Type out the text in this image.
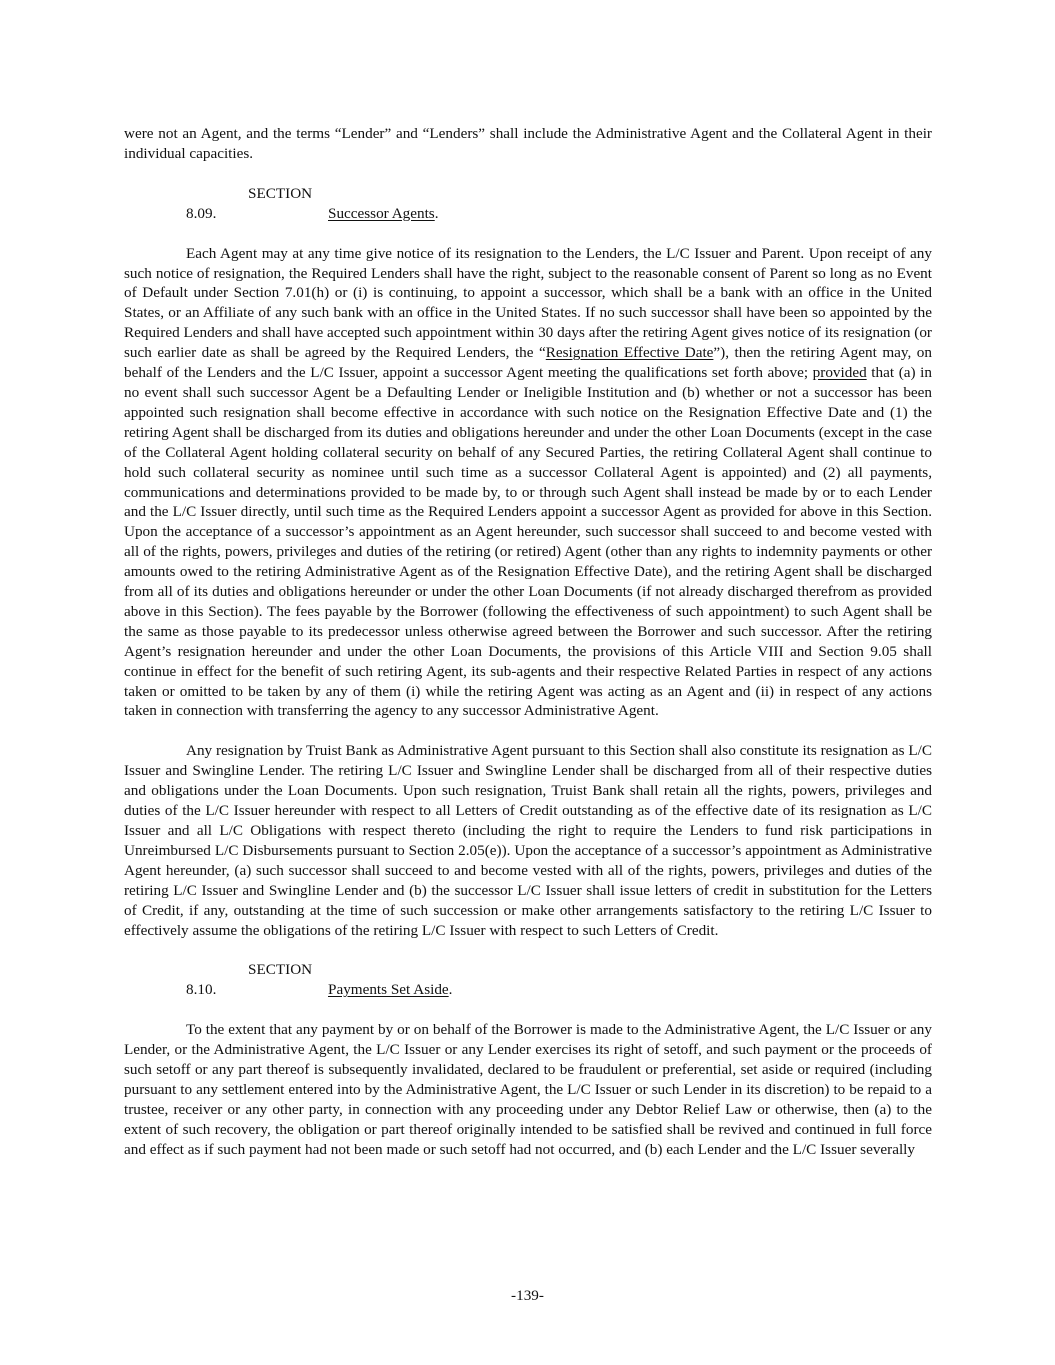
were not an Agent, and the terms “Lender” and “Lenders” shall include the Administrative Agent and the Collateral Agent in their individual capacities.

SECTION 8.09.	Successor Agents.

Each Agent may at any time give notice of its resignation to the Lenders, the L/C Issuer and Parent. Upon receipt of any such notice of resignation, the Required Lenders shall have the right, subject to the reasonable consent of Parent so long as no Event of Default under Section 7.01(h) or (i) is continuing, to appoint a successor, which shall be a bank with an office in the United States, or an Affiliate of any such bank with an office in the United States. If no such successor shall have been so appointed by the Required Lenders and shall have accepted such appointment within 30 days after the retiring Agent gives notice of its resignation (or such earlier date as shall be agreed by the Required Lenders, the “Resignation Effective Date”), then the retiring Agent may, on behalf of the Lenders and the L/C Issuer, appoint a successor Agent meeting the qualifications set forth above; provided that (a) in no event shall such successor Agent be a Defaulting Lender or Ineligible Institution and (b) whether or not a successor has been appointed such resignation shall become effective in accordance with such notice on the Resignation Effective Date and (1) the retiring Agent shall be discharged from its duties and obligations hereunder and under the other Loan Documents (except in the case of the Collateral Agent holding collateral security on behalf of any Secured Parties, the retiring Collateral Agent shall continue to hold such collateral security as nominee until such time as a successor Collateral Agent is appointed) and (2) all payments, communications and determinations provided to be made by, to or through such Agent shall instead be made by or to each Lender and the L/C Issuer directly, until such time as the Required Lenders appoint a successor Agent as provided for above in this Section. Upon the acceptance of a successor’s appointment as an Agent hereunder, such successor shall succeed to and become vested with all of the rights, powers, privileges and duties of the retiring (or retired) Agent (other than any rights to indemnity payments or other amounts owed to the retiring Administrative Agent as of the Resignation Effective Date), and the retiring Agent shall be discharged from all of its duties and obligations hereunder or under the other Loan Documents (if not already discharged therefrom as provided above in this Section). The fees payable by the Borrower (following the effectiveness of such appointment) to such Agent shall be the same as those payable to its predecessor unless otherwise agreed between the Borrower and such successor. After the retiring Agent’s resignation hereunder and under the other Loan Documents, the provisions of this Article VIII and Section 9.05 shall continue in effect for the benefit of such retiring Agent, its sub-agents and their respective Related Parties in respect of any actions taken or omitted to be taken by any of them (i) while the retiring Agent was acting as an Agent and (ii) in respect of any actions taken in connection with transferring the agency to any successor Administrative Agent.

Any resignation by Truist Bank as Administrative Agent pursuant to this Section shall also constitute its resignation as L/C Issuer and Swingline Lender. The retiring L/C Issuer and Swingline Lender shall be discharged from all of their respective duties and obligations under the Loan Documents. Upon such resignation, Truist Bank shall retain all the rights, powers, privileges and duties of the L/C Issuer hereunder with respect to all Letters of Credit outstanding as of the effective date of its resignation as L/C Issuer and all L/C Obligations with respect thereto (including the right to require the Lenders to fund risk participations in Unreimbursed L/C Disbursements pursuant to Section 2.05(e)). Upon the acceptance of a successor’s appointment as Administrative Agent hereunder, (a) such successor shall succeed to and become vested with all of the rights, powers, privileges and duties of the retiring L/C Issuer and Swingline Lender and (b) the successor L/C Issuer shall issue letters of credit in substitution for the Letters of Credit, if any, outstanding at the time of such succession or make other arrangements satisfactory to the retiring L/C Issuer to effectively assume the obligations of the retiring L/C Issuer with respect to such Letters of Credit.

SECTION 8.10.	Payments Set Aside.

To the extent that any payment by or on behalf of the Borrower is made to the Administrative Agent, the L/C Issuer or any Lender, or the Administrative Agent, the L/C Issuer or any Lender exercises its right of setoff, and such payment or the proceeds of such setoff or any part thereof is subsequently invalidated, declared to be fraudulent or preferential, set aside or required (including pursuant to any settlement entered into by the Administrative Agent, the L/C Issuer or such Lender in its discretion) to be repaid to a trustee, receiver or any other party, in connection with any proceeding under any Debtor Relief Law or otherwise, then (a) to the extent of such recovery, the obligation or part thereof originally intended to be satisfied shall be revived and continued in full force and effect as if such payment had not been made or such setoff had not occurred, and (b) each Lender and the L/C Issuer severally

-139-
